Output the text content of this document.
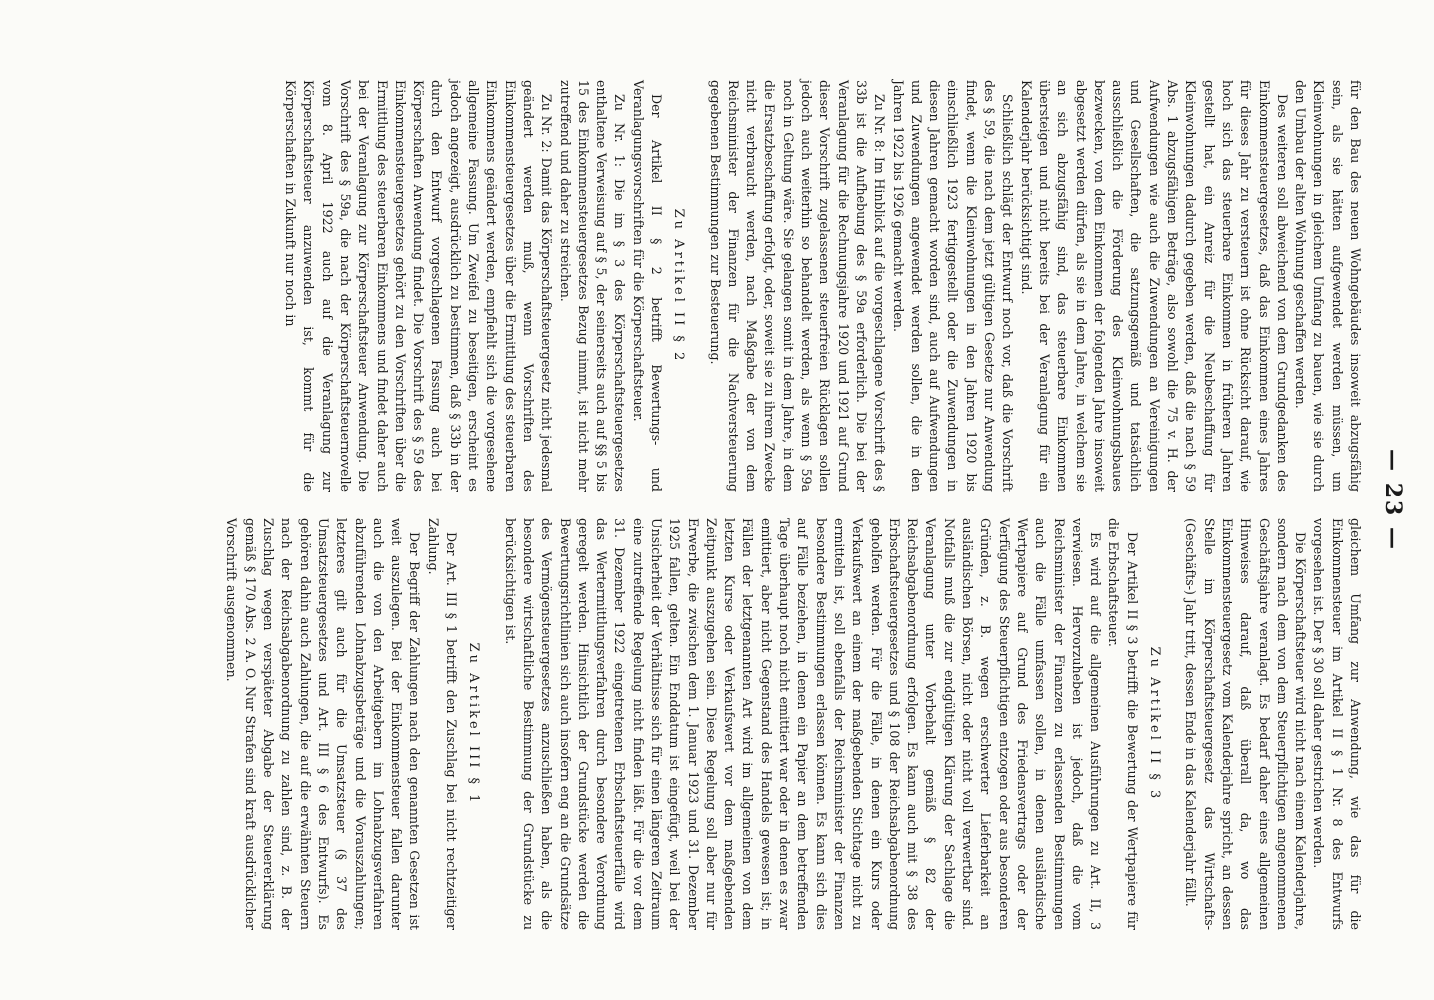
— 23 —

für den Bau des neuen Wohngebäudes insoweit abzugsfähig sein, als sie hätten aufgewendet werden müssen, um Kleinwohnungen in gleichem Umfang zu bauen, wie sie durch den Umbau der alten Wohnung geschaffen werden.

Des weiteren soll abweichend von dem Grundgedanken des Einkommensteuergesetzes, daß das Einkommen eines Jahres für dieses Jahr zu versteuern ist ohne Rücksicht darauf, wie hoch sich das steuerbare Einkommen in früheren Jahren gestellt hat, ein Anreiz für die Neubeschaffung für Kleinwohnungen dadurch gegeben werden, daß die nach § 59 Abs. 1 abzugsfähigen Beträge, also sowohl die 75 v. H. der Aufwendungen wie auch die Zuwendungen an Vereinigungen und Gesellschaften, die satzungsgemäß und tatsächlich ausschließlich die Förderung des Kleinwohnungsbaues bezwecken, von dem Einkommen der folgenden Jahre insoweit abgesetzt werden dürfen, als sie in dem Jahre, in welchem sie an sich abzugsfähig sind, das steuerbare Einkommen übersteigen und nicht bereits bei der Veranlagung für ein Kalenderjahr berücksichtigt sind.

Schließlich schlägt der Entwurf noch vor, daß die Vorschrift des § 59, die nach dem jetzt gültigen Gesetze nur Anwendung findet, wenn die Kleinwohnungen in den Jahren 1920 bis einschließlich 1923 fertiggestellt oder die Zuwendungen in diesen Jahren gemacht worden sind, auch auf Aufwendungen und Zuwendungen angewendet werden sollen, die in den Jahren 1922 bis 1926 gemacht werden.

Zu Nr. 8: Im Hinblick auf die vorgeschlagene Vorschrift des § 33b ist die Aufhebung des § 59a erforderlich. Die bei der Veranlagung für die Rechnungsjahre 1920 und 1921 auf Grund dieser Vorschrift zugelassenen steuerfreien Rücklagen sollen jedoch auch weiterhin so behandelt werden, als wenn § 59a noch in Geltung wäre. Sie gelangen somit in dem Jahre, in dem die Ersatzbeschaffung erfolgt, oder, soweit sie zu ihrem Zwecke nicht verbraucht werden, nach Maßgabe der von dem Reichsminister der Finanzen für die Nachversteuerung gegebenen Bestimmungen zur Besteuerung.

Zu Artikel II § 2

Der Artikel II § 2 betrifft Bewertungs- und Veranlagungsvorschriften für die Körperschaftsteuer.

Zu Nr. 1: Die im § 3 des Körperschaftsteuergesetzes enthaltene Verweisung auf § 5, der seinerseits auch auf §§ 5 bis 15 des Einkommensteuergesetzes Bezug nimmt, ist nicht mehr zutreffend und daher zu streichen.

Zu Nr. 2: Damit das Körperschaftsteuergesetz nicht jedesmal geändert werden muß, wenn Vorschriften des Einkommensteuergesetzes über die Ermittlung des steuerbaren Einkommens geändert werden, empfiehlt sich die vorgesehene allgemeine Fassung. Um Zweifel zu beseitigen, erscheint es jedoch angezeigt, ausdrücklich zu bestimmen, daß § 33b in der durch den Entwurf vorgeschlagenen Fassung auch bei Körperschaften Anwendung findet. Die Vorschrift des § 59 des Einkommensteuergesetzes gehört zu den Vorschriften über die Ermittlung des steuerbaren Einkommens und findet daher auch bei der Veranlagung zur Körperschaftsteuer Anwendung. Die Vorschrift des § 59a, die nach der Körperschaftsteuernovelle vom 8. April 1922 auch auf die Veranlagung zur Körperschaftsteuer anzuwenden ist, kommt für die Körperschaften in Zukunft nur noch in

gleichem Umfang zur Anwendung, wie das für die Einkommensteuer im Artikel II § 1 Nr. 8 des Entwurfs vorgesehen ist. Der § 30 soll daher gestrichen werden.

Die Körperschaftsteuer wird nicht nach einem Kalenderjahre, sondern nach dem von dem Steuerpflichtigen angenommenen Geschäftsjahre veranlagt. Es bedarf daher eines allgemeinen Hinweises darauf, daß überall da, wo das Einkommensteuergesetz vom Kalenderjahre spricht, an dessen Stelle im Körperschaftsteuergesetz das Wirtschafts- (Geschäfts-) Jahr tritt, dessen Ende in das Kalenderjahr fällt.

Zu Artikel II § 3

Der Artikel II § 3 betrifft die Bewertung der Wertpapiere für die Erbschaftsteuer.

Es wird auf die allgemeinen Ausführungen zu Art. II, 3 verwiesen. Hervorzuheben ist jedoch, daß die vom Reichsminister der Finanzen zu erlassenden Bestimmungen auch die Fälle umfassen sollen, in denen ausländische Wertpapiere auf Grund des Friedensvertrags oder der Verfügung des Steuerpflichtigen entzogen oder aus besonderen Gründen, z. B. wegen erschwerter Lieferbarkeit an ausländischen Börsen, nicht oder nicht voll verwertbar sind. Notfalls muß die zur endgültigen Klärung der Sachlage die Veranlagung unter Vorbehalt gemäß § 82 der Reichsabgabenordnung erfolgen. Es kann auch mit § 38 des Erbschaftsteuergesetzes und § 108 der Reichsabgabenordnung geholfen werden. Für die Fälle, in denen ein Kurs oder Verkaufswert an einem der maßgebenden Stichtage nicht zu ermitteln ist, soll ebenfalls der Reichsminister der Finanzen besondere Bestimmungen erlassen können. Es kann sich dies auf Fälle beziehen, in denen ein Papier an dem betreffenden Tage überhaupt noch nicht emittiert war oder in denen es zwar emittiert, aber nicht Gegenstand des Handels gewesen ist; in Fällen der letztgenannten Art wird im allgemeinen von dem letzten Kurse oder Verkaufswert vor dem maßgebenden Zeitpunkt auszugehen sein. Diese Regelung soll aber nur für Erwerbe, die zwischen dem 1. Januar 1923 und 31. Dezember 1925 fallen, gelten. Ein Enddatum ist eingefügt, weil bei der Unsicherheit der Verhältnisse sich für einen längeren Zeitraum eine zutreffende Regelung nicht finden läßt. Für die vor dem 31. Dezember 1922 eingetretenen Erbschaftsteuerfälle wird das Wertermittlungsverfahren durch besondere Verordnung geregelt werden. Hinsichtlich der Grundstücke werden die Bewertungsrichtlinien sich auch insofern eng an die Grundsätze des Vermögensteuergesetzes anzuschließen haben, als die besondere wirtschaftliche Bestimmung der Grundstücke zu berücksichtigen ist.

Zu Artikel III § 1

Der Art. III § 1 betrifft den Zuschlag bei nicht rechtzeitiger Zahlung.

Der Begriff der Zahlungen nach den genannten Gesetzen ist weit auszulegen. Bei der Einkommensteuer fallen darunter auch die von den Arbeitgebern im Lohnabzugsverfahren abzuführenden Lohnabzugsbeträge und die Vorauszahlungen; letzteres gilt auch für die Umsatzsteuer (§ 37 des Umsatzsteuergesetzes und Art. III § 6 des Entwurfs). Es gehören dahin auch Zahlungen, die auf die erwähnten Steuern nach der Reichsabgabenordnung zu zahlen sind, z. B. der Zuschlag wegen verspäteter Abgabe der Steuererklärung gemäß § 170 Abs. 2 A. O. Nur Strafen sind kraft ausdrücklicher Vorschrift ausgenommen.
